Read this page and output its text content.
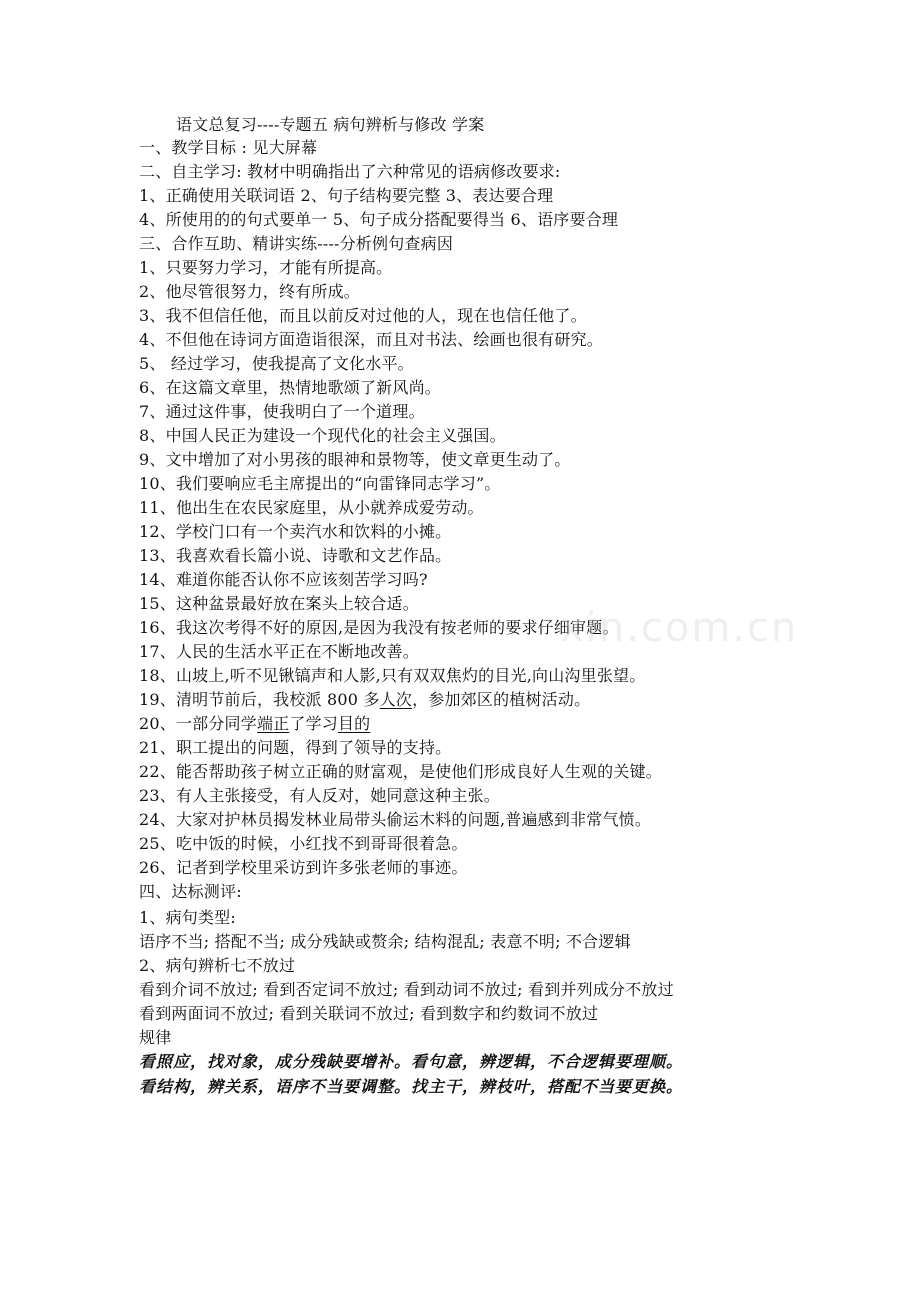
语文总复习----专题五 病句辨析与修改 学案
一、教学目标 : 见大屏幕
二、自主学习: 教材中明确指出了六种常见的语病修改要求:
1、正确使用关联词语 2、句子结构要完整 3、表达要合理
4、所使用的的句式要单一 5、句子成分搭配要得当 6、语序要合理
三、合作互助、精讲实练----分析例句查病因
1、只要努力学习，才能有所提高。
2、他尽管很努力，终有所成。
3、我不但信任他，而且以前反对过他的人，现在也信任他了。
4、不但他在诗词方面造诣很深，而且对书法、绘画也很有研究。
5、 经过学习，使我提高了文化水平。
6、在这篇文章里，热情地歌颂了新风尚。
7、通过这件事，使我明白了一个道理。
8、中国人民正为建设一个现代化的社会主义强国。
9、文中增加了对小男孩的眼神和景物等，使文章更生动了。
10、我们要响应毛主席提出的“向雷锋同志学习”。
11、他出生在农民家庭里，从小就养成爱劳动。
12、学校门口有一个卖汽水和饮料的小摊。
13、我喜欢看长篇小说、诗歌和文艺作品。
14、难道你能否认你不应该刻苦学习吗?
15、这种盆景最好放在案头上较合适。
16、我这次考得不好的原因,是因为我没有按老师的要求仔细审题。
17、人民的生活水平正在不断地改善。
18、山坡上,听不见锹镐声和人影,只有双双焦灼的目光,向山沟里张望。
19、清明节前后，我校派 800 多人次，参加郊区的植树活动。
20、一部分同学端正了学习目的
21、职工提出的问题，得到了领导的支持。
22、能否帮助孩子树立正确的财富观，是使他们形成良好人生观的关键。
23、有人主张接受，有人反对，她同意这种主张。
24、大家对护林员揭发林业局带头偷运木料的问题,普遍感到非常气愤。
25、吃中饭的时候，小红找不到哥哥很着急。
26、记者到学校里采访到许多张老师的事迹。
四、达标测评:
1、病句类型:
语序不当; 搭配不当; 成分残缺或赘余; 结构混乱; 表意不明; 不合逻辑
2、病句辨析七不放过
看到介词不放过; 看到否定词不放过; 看到动词不放过; 看到并列成分不放过
看到两面词不放过; 看到关联词不放过; 看到数字和约数词不放过
规律
看照应，找对象，成分残缺要增补。看句意，辨逻辑，不合逻辑要理顺。
看结构，辨关系，语序不当要调整。找主干，辨枝叶，搭配不当要更换。
xin.com.cn
